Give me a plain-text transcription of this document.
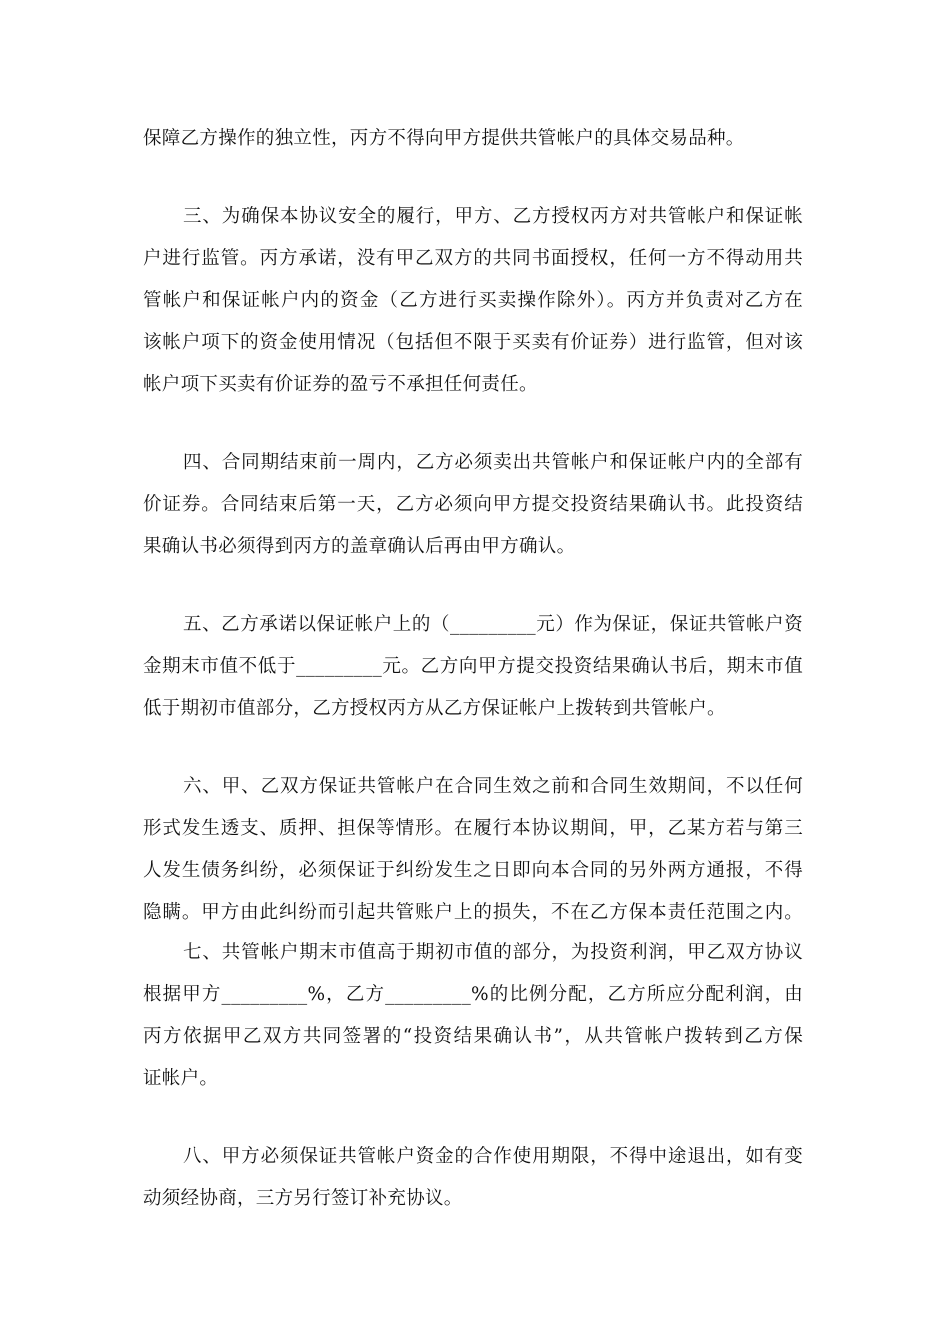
保障乙方操作的独立性，丙方不得向甲方提供共管帐户的具体交易品种。
三、为确保本协议安全的履行，甲方、乙方授权丙方对共管帐户和保证帐
户进行监管。丙方承诺，没有甲乙双方的共同书面授权，任何一方不得动用共
管帐户和保证帐户内的资金（乙方进行买卖操作除外）。丙方并负责对乙方在
该帐户项下的资金使用情况（包括但不限于买卖有价证券）进行监管，但对该
帐户项下买卖有价证券的盈亏不承担任何责任。
四、合同期结束前一周内，乙方必须卖出共管帐户和保证帐户内的全部有
价证券。合同结束后第一天，乙方必须向甲方提交投资结果确认书。此投资结
果确认书必须得到丙方的盖章确认后再由甲方确认。
五、乙方承诺以保证帐户上的（_________元）作为保证，保证共管帐户资
金期末市值不低于_________元。乙方向甲方提交投资结果确认书后，期末市值
低于期初市值部分，乙方授权丙方从乙方保证帐户上拨转到共管帐户。
六、甲、乙双方保证共管帐户在合同生效之前和合同生效期间，不以任何
形式发生透支、质押、担保等情形。在履行本协议期间，甲，乙某方若与第三
人发生债务纠纷，必须保证于纠纷发生之日即向本合同的另外两方通报，不得
隐瞒。甲方由此纠纷而引起共管账户上的损失，不在乙方保本责任范围之内。
七、共管帐户期末市值高于期初市值的部分，为投资利润，甲乙双方协议
根据甲方_________%，乙方_________%的比例分配，乙方所应分配利润，由
丙方依据甲乙双方共同签署的“投资结果确认书”，从共管帐户拨转到乙方保
证帐户。
八、甲方必须保证共管帐户资金的合作使用期限，不得中途退出，如有变
动须经协商，三方另行签订补充协议。
